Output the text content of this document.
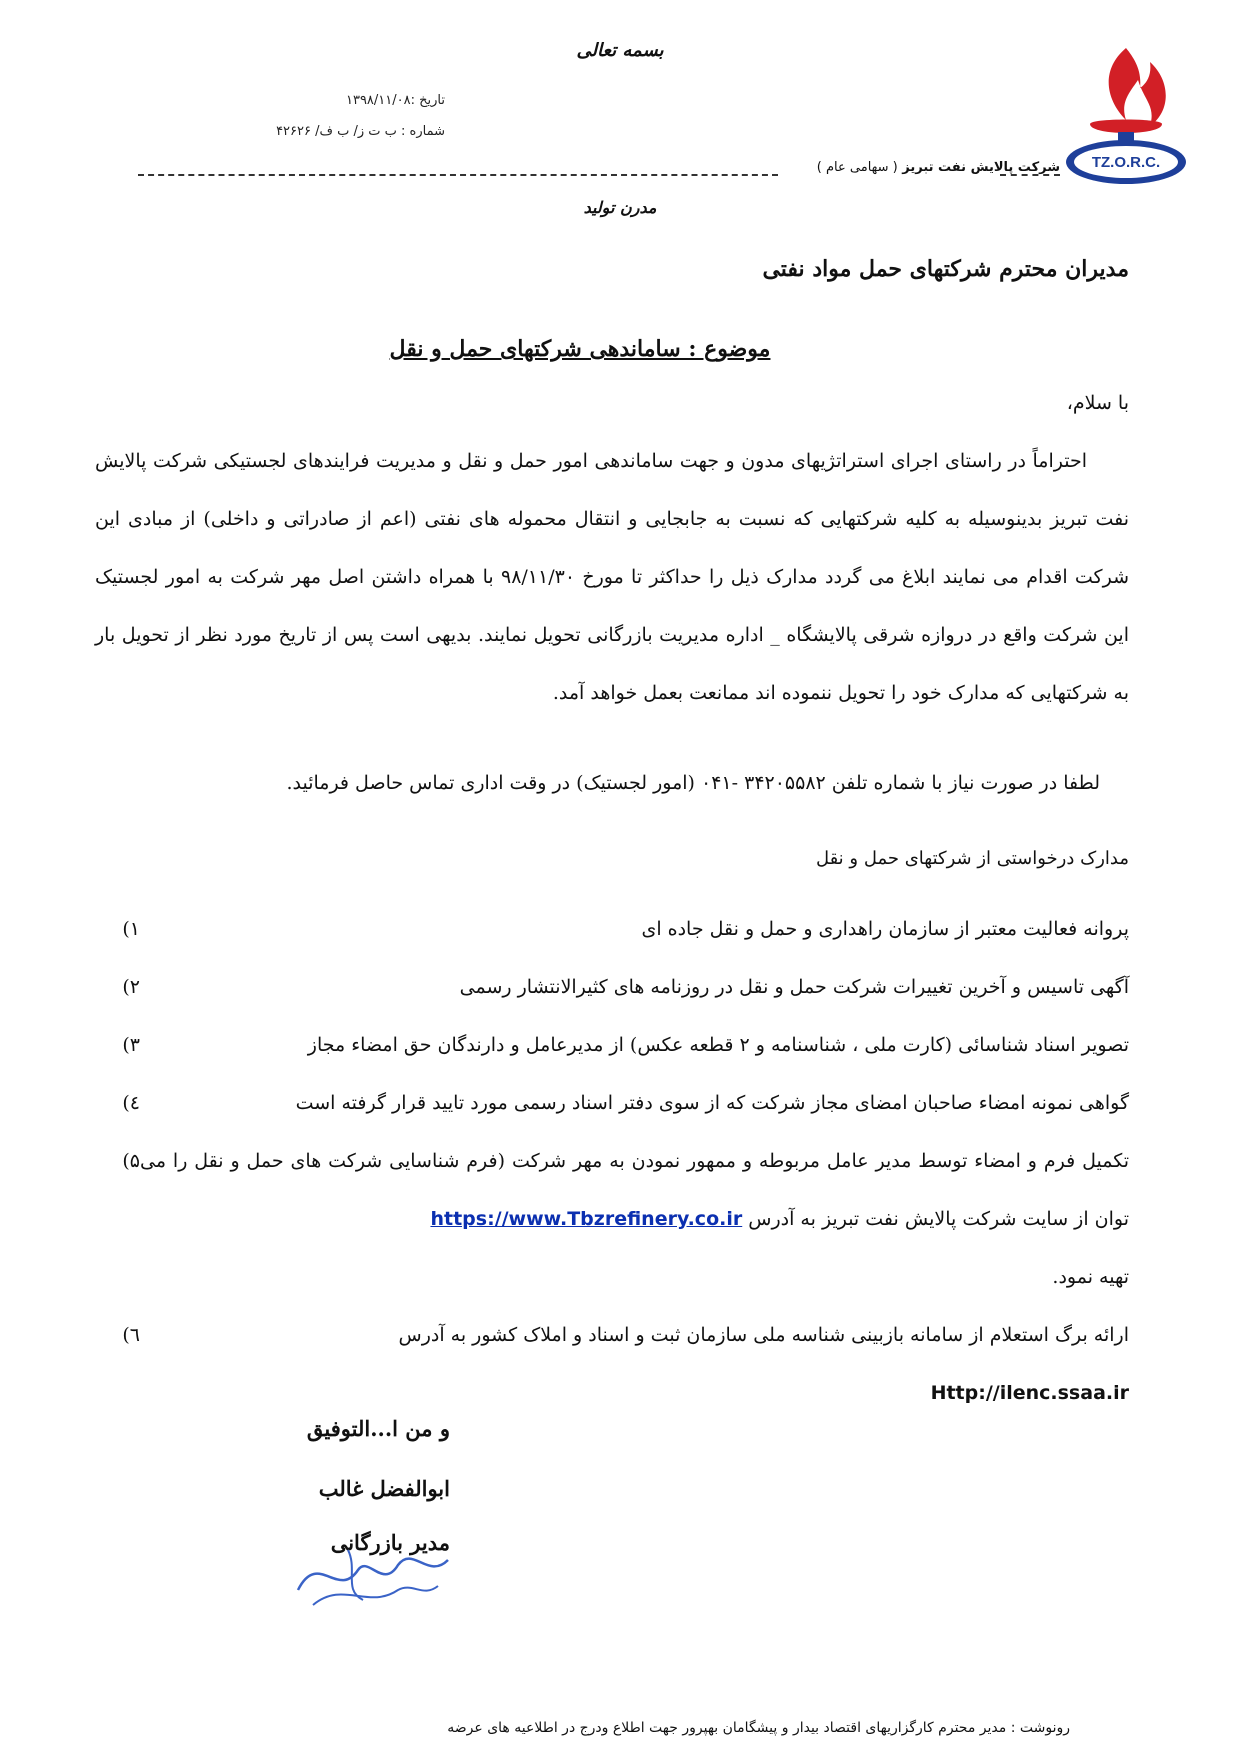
بسمه تعالی
تاریخ :۱۳۹۸/۱۱/۰۸
شماره : ب ت ز/ ب ف/ ۴۲۶۲۶
TZ.O.R.C.
شرکت پالایش نفت تبریز ( سهامی عام )
مدرن تولید
مدیران محترم شرکتهای حمل مواد نفتی
موضوع : ساماندهی شرکتهای حمل و نقل
با سلام،

احتراماً در راستای اجرای استراتژیهای مدون و جهت ساماندهی امور حمل و نقل و مدیریت فرایندهای لجستیکی شرکت پالایش نفت تبریز بدینوسیله به کلیه شرکتهایی که نسبت به جابجایی و انتقال محموله های نفتی (اعم از صادراتی و داخلی) از مبادی این شرکت اقدام می نمایند ابلاغ می گردد مدارک ذیل را حداکثر تا مورخ ۹۸/۱۱/۳۰ با همراه داشتن اصل مهر شرکت به امور لجستیک این شرکت واقع در دروازه شرقی پالایشگاه _ اداره مدیریت بازرگانی تحویل نمایند. بدیهی است پس از تاریخ مورد نظر از تحویل بار به شرکتهایی که مدارک خود را تحویل ننموده اند ممانعت بعمل خواهد آمد.

لطفا در صورت نیاز با شماره تلفن ۳۴۲۰۵۵۸۲ -۰۴۱ (امور لجستیک) در وقت اداری تماس حاصل فرمائید.
مدارک درخواستی از شرکتهای حمل و نقل
۱)	پروانه فعالیت معتبر از سازمان راهداری و حمل و نقل جاده ای
۲)	آگهی تاسیس و آخرین تغییرات شرکت حمل و نقل در روزنامه های کثیرالانتشار رسمی
۳)	تصویر اسناد شناسائی (کارت ملی ، شناسنامه و ۲ قطعه عکس) از مدیرعامل و دارندگان حق امضاء مجاز
٤)	گواهی نمونه امضاء صاحبان امضای مجاز شرکت که از سوی دفتر اسناد رسمی مورد تایید قرار گرفته است
۵) تکمیل فرم و امضاء توسط مدیر عامل مربوطه و ممهور نمودن به مهر شرکت (فرم شناسایی شرکت های حمل و نقل را می توان از سایت شرکت پالایش نفت تبریز به آدرس https://www.Tbzrefinery.co.ir
تهیه نمود.
٦)	ارائه برگ استعلام از سامانه بازبینی شناسه ملی سازمان ثبت و اسناد و املاک کشور به آدرس
Http://ilenc.ssaa.ir
و من ا...التوفیق
ابوالفضل غالب
مدیر بازرگانی
رونوشت : مدیر محترم کارگزاریهای اقتصاد بیدار و پیشگامان بهپرور جهت اطلاع ودرج در اطلاعیه های عرضه
